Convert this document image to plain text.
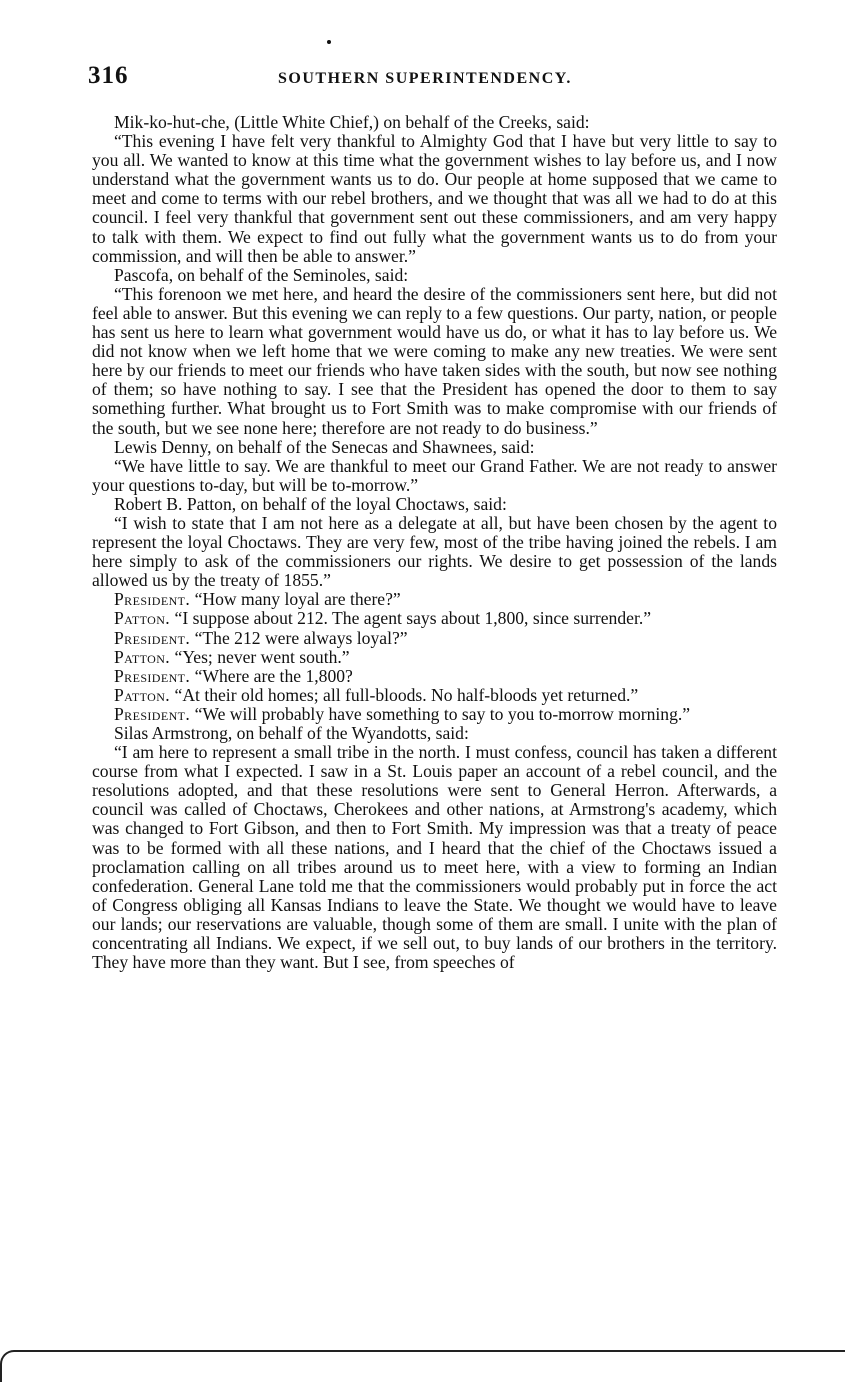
316	SOUTHERN SUPERINTENDENCY.

Mik-ko-hut-che, (Little White Chief,) on behalf of the Creeks, said:

“This evening I have felt very thankful to Almighty God that I have but very little to say to you all. We wanted to know at this time what the government wishes to lay before us, and I now understand what the government wants us to do. Our people at home supposed that we came to meet and come to terms with our rebel brothers, and we thought that was all we had to do at this council. I feel very thankful that government sent out these commissioners, and am very happy to talk with them. We expect to find out fully what the government wants us to do from your commission, and will then be able to answer.”

Pascofa, on behalf of the Seminoles, said:

“This forenoon we met here, and heard the desire of the commissioners sent here, but did not feel able to answer. But this evening we can reply to a few questions. Our party, nation, or people has sent us here to learn what government would have us do, or what it has to lay before us. We did not know when we left home that we were coming to make any new treaties. We were sent here by our friends to meet our friends who have taken sides with the south, but now see nothing of them; so have nothing to say. I see that the President has opened the door to them to say something further. What brought us to Fort Smith was to make compromise with our friends of the south, but we see none here; therefore are not ready to do business.”

Lewis Denny, on behalf of the Senecas and Shawnees, said:

“We have little to say. We are thankful to meet our Grand Father. We are not ready to answer your questions to-day, but will be to-morrow.”

Robert B. Patton, on behalf of the loyal Choctaws, said:

“I wish to state that I am not here as a delegate at all, but have been chosen by the agent to represent the loyal Choctaws. They are very few, most of the tribe having joined the rebels. I am here simply to ask of the commissioners our rights. We desire to get possession of the lands allowed us by the treaty of 1855.”

President. “How many loyal are there?”

Patton. “I suppose about 212. The agent says about 1,800, since surrender.”

President. “The 212 were always loyal?”

Patton. “Yes; never went south.”

President. “Where are the 1,800?

Patton. “At their old homes; all full-bloods. No half-bloods yet returned.”

President. “We will probably have something to say to you to-morrow morning.”

Silas Armstrong, on behalf of the Wyandotts, said:

“I am here to represent a small tribe in the north. I must confess, council has taken a different course from what I expected. I saw in a St. Louis paper an account of a rebel council, and the resolutions adopted, and that these resolutions were sent to General Herron. Afterwards, a council was called of Choctaws, Cherokees and other nations, at Armstrong's academy, which was changed to Fort Gibson, and then to Fort Smith. My impression was that a treaty of peace was to be formed with all these nations, and I heard that the chief of the Choctaws issued a proclamation calling on all tribes around us to meet here, with a view to forming an Indian confederation. General Lane told me that the commissioners would probably put in force the act of Congress obliging all Kansas Indians to leave the State. We thought we would have to leave our lands; our reservations are valuable, though some of them are small. I unite with the plan of concentrating all Indians. We expect, if we sell out, to buy lands of our brothers in the territory. They have more than they want. But I see, from speeches of
